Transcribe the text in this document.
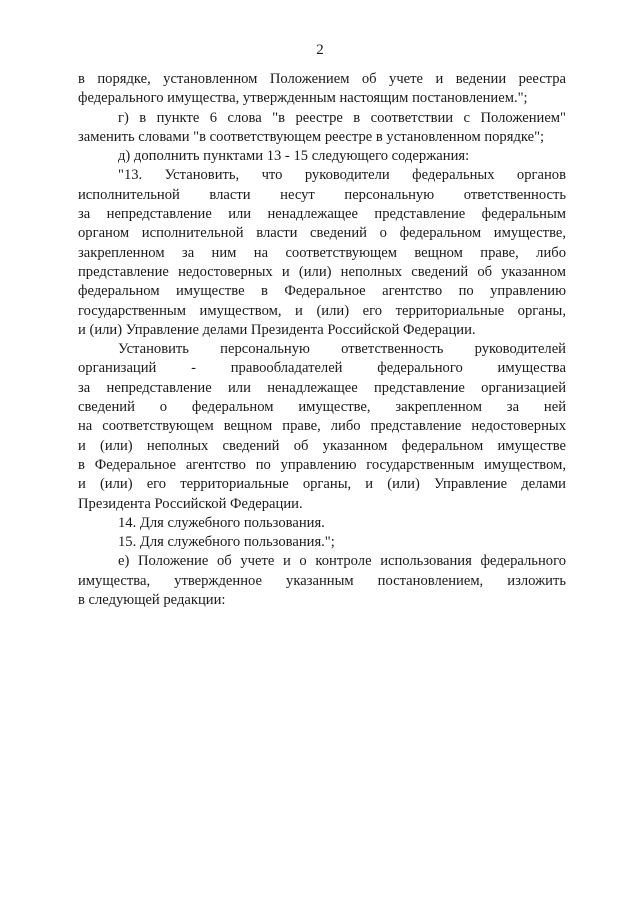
2
в порядке, установленном Положением об учете и ведении реестра
федерального имущества, утвержденным настоящим постановлением.";
г) в пункте 6 слова "в реестре в соответствии с Положением"
заменить словами "в соответствующем реестре в установленном порядке";
д) дополнить пунктами 13 - 15 следующего содержания:
"13. Установить, что руководители федеральных органов
исполнительной власти несут персональную ответственность
за непредставление или ненадлежащее представление федеральным
органом исполнительной власти сведений о федеральном имуществе,
закрепленном за ним на соответствующем вещном праве, либо
представление недостоверных и (или) неполных сведений об указанном
федеральном имуществе в Федеральное агентство по управлению
государственным имуществом, и (или) его территориальные органы,
и (или) Управление делами Президента Российской Федерации.
Установить персональную ответственность руководителей
организаций - правообладателей федерального имущества
за непредставление или ненадлежащее представление организацией
сведений о федеральном имуществе, закрепленном за ней
на соответствующем вещном праве, либо представление недостоверных
и (или) неполных сведений об указанном федеральном имуществе
в Федеральное агентство по управлению государственным имуществом,
и (или) его территориальные органы, и (или) Управление делами
Президента Российской Федерации.
14. Для служебного пользования.
15. Для служебного пользования.";
е) Положение об учете и о контроле использования федерального
имущества, утвержденное указанным постановлением, изложить
в следующей редакции:
